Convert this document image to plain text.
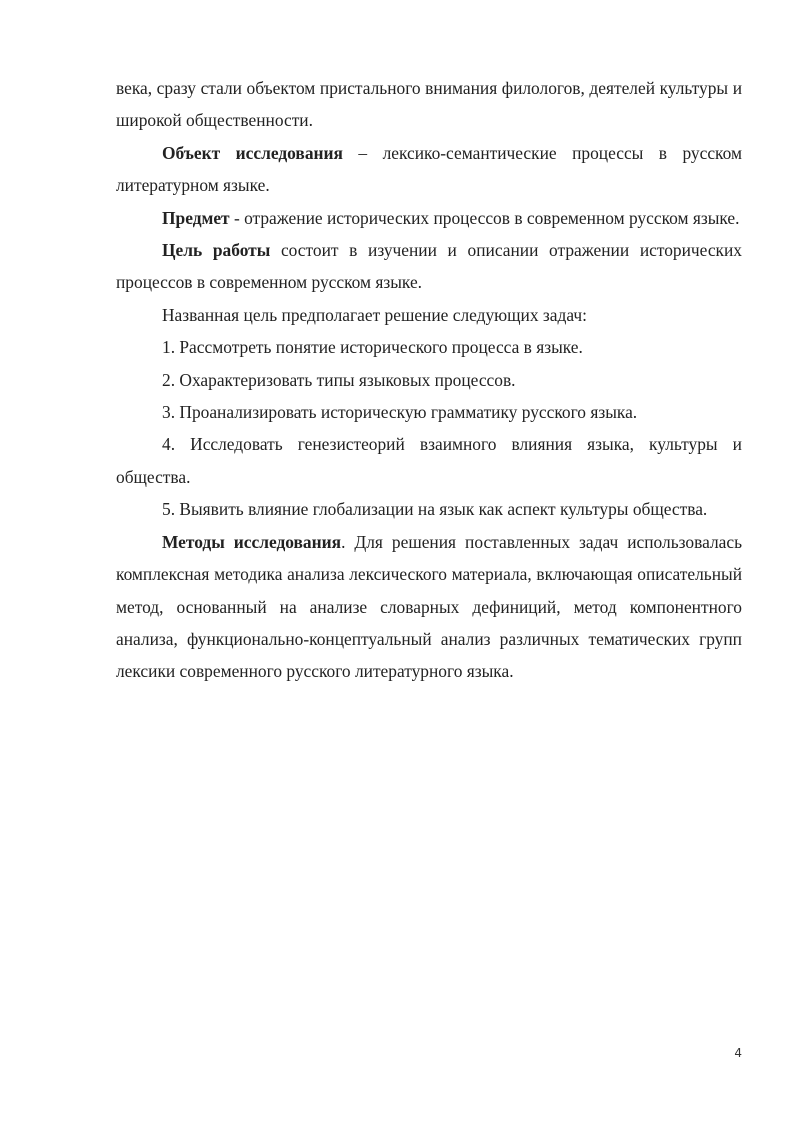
века, сразу стали объектом пристального внимания филологов, деятелей культуры и широкой общественности.

Объект исследования – лексико-семантические процессы в русском литературном языке.

Предмет - отражение исторических процессов в современном русском языке.

Цель работы состоит в изучении и описании отражении исторических процессов в современном русском языке.

Названная цель предполагает решение следующих задач:

1. Рассмотреть понятие исторического процесса в языке.

2. Охарактеризовать типы языковых процессов.

3. Проанализировать историческую грамматику русского языка.

4. Исследовать генезистеорий взаимного влияния языка, культуры и общества.

5. Выявить влияние глобализации на язык как аспект культуры общества.

Методы исследования. Для решения поставленных задач использовалась комплексная методика анализа лексического материала, включающая описательный метод, основанный на анализе словарных дефиниций, метод компонентного анализа, функционально-концептуальный анализ различных тематических групп лексики современного русского литературного языка.

4
